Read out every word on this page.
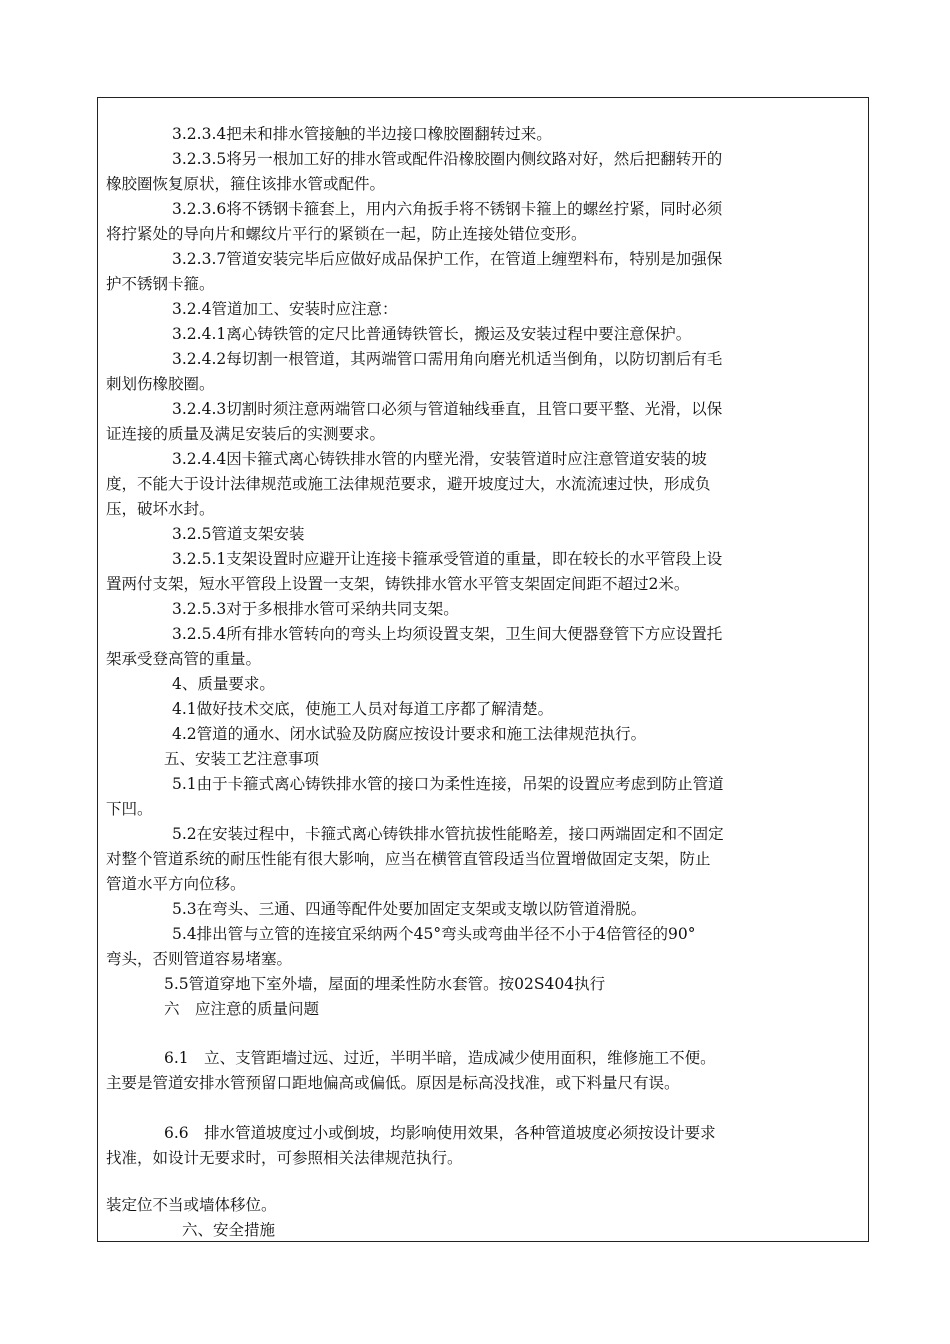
3.2.3.4把未和排水管接触的半边接口橡胶圈翻转过来。
3.2.3.5将另一根加工好的排水管或配件沿橡胶圈内侧纹路对好，然后把翻转开的
橡胶圈恢复原状，箍住该排水管或配件。
3.2.3.6将不锈钢卡箍套上，用内六角扳手将不锈钢卡箍上的螺丝拧紧，同时必须
将拧紧处的导向片和螺纹片平行的紧锁在一起，防止连接处错位变形。
3.2.3.7管道安装完毕后应做好成品保护工作，在管道上缠塑料布，特别是加强保
护不锈钢卡箍。
3.2.4管道加工、安装时应注意：
3.2.4.1离心铸铁管的定尺比普通铸铁管长，搬运及安装过程中要注意保护。
3.2.4.2每切割一根管道，其两端管口需用角向磨光机适当倒角，以防切割后有毛
刺划伤橡胶圈。
3.2.4.3切割时须注意两端管口必须与管道轴线垂直，且管口要平整、光滑，以保
证连接的质量及满足安装后的实测要求。
3.2.4.4因卡箍式离心铸铁排水管的内壁光滑，安装管道时应注意管道安装的坡
度，不能大于设计法律规范或施工法律规范要求，避开坡度过大，水流流速过快，形成负
压，破坏水封。
3.2.5管道支架安装
3.2.5.1支架设置时应避开让连接卡箍承受管道的重量，即在较长的水平管段上设
置两付支架，短水平管段上设置一支架，铸铁排水管水平管支架固定间距不超过2米。
3.2.5.3对于多根排水管可采纳共同支架。
3.2.5.4所有排水管转向的弯头上均须设置支架，卫生间大便器登管下方应设置托
架承受登高管的重量。
4、质量要求。
4.1做好技术交底，使施工人员对每道工序都了解清楚。
4.2管道的通水、闭水试验及防腐应按设计要求和施工法律规范执行。
五、安装工艺注意事项
5.1由于卡箍式离心铸铁排水管的接口为柔性连接，吊架的设置应考虑到防止管道
下凹。
5.2在安装过程中，卡箍式离心铸铁排水管抗拔性能略差，接口两端固定和不固定
对整个管道系统的耐压性能有很大影响，应当在横管直管段适当位置增做固定支架，防止
管道水平方向位移。
5.3在弯头、三通、四通等配件处要加固定支架或支墩以防管道滑脱。
5.4排出管与立管的连接宜采纳两个45°弯头或弯曲半径不小于4倍管径的90°
弯头，否则管道容易堵塞。
5.5管道穿地下室外墙，屋面的埋柔性防水套管。按02S404执行
六　应注意的质量问题
6.1　立、支管距墙过远、过近，半明半暗，造成减少使用面积，维修施工不便。
主要是管道安排水管预留口距地偏高或偏低。原因是标高没找准，或下料量尺有误。
6.6　排水管道坡度过小或倒坡，均影响使用效果，各种管道坡度必须按设计要求
找准，如设计无要求时，可参照相关法律规范执行。
装定位不当或墙体移位。
六、安全措施
